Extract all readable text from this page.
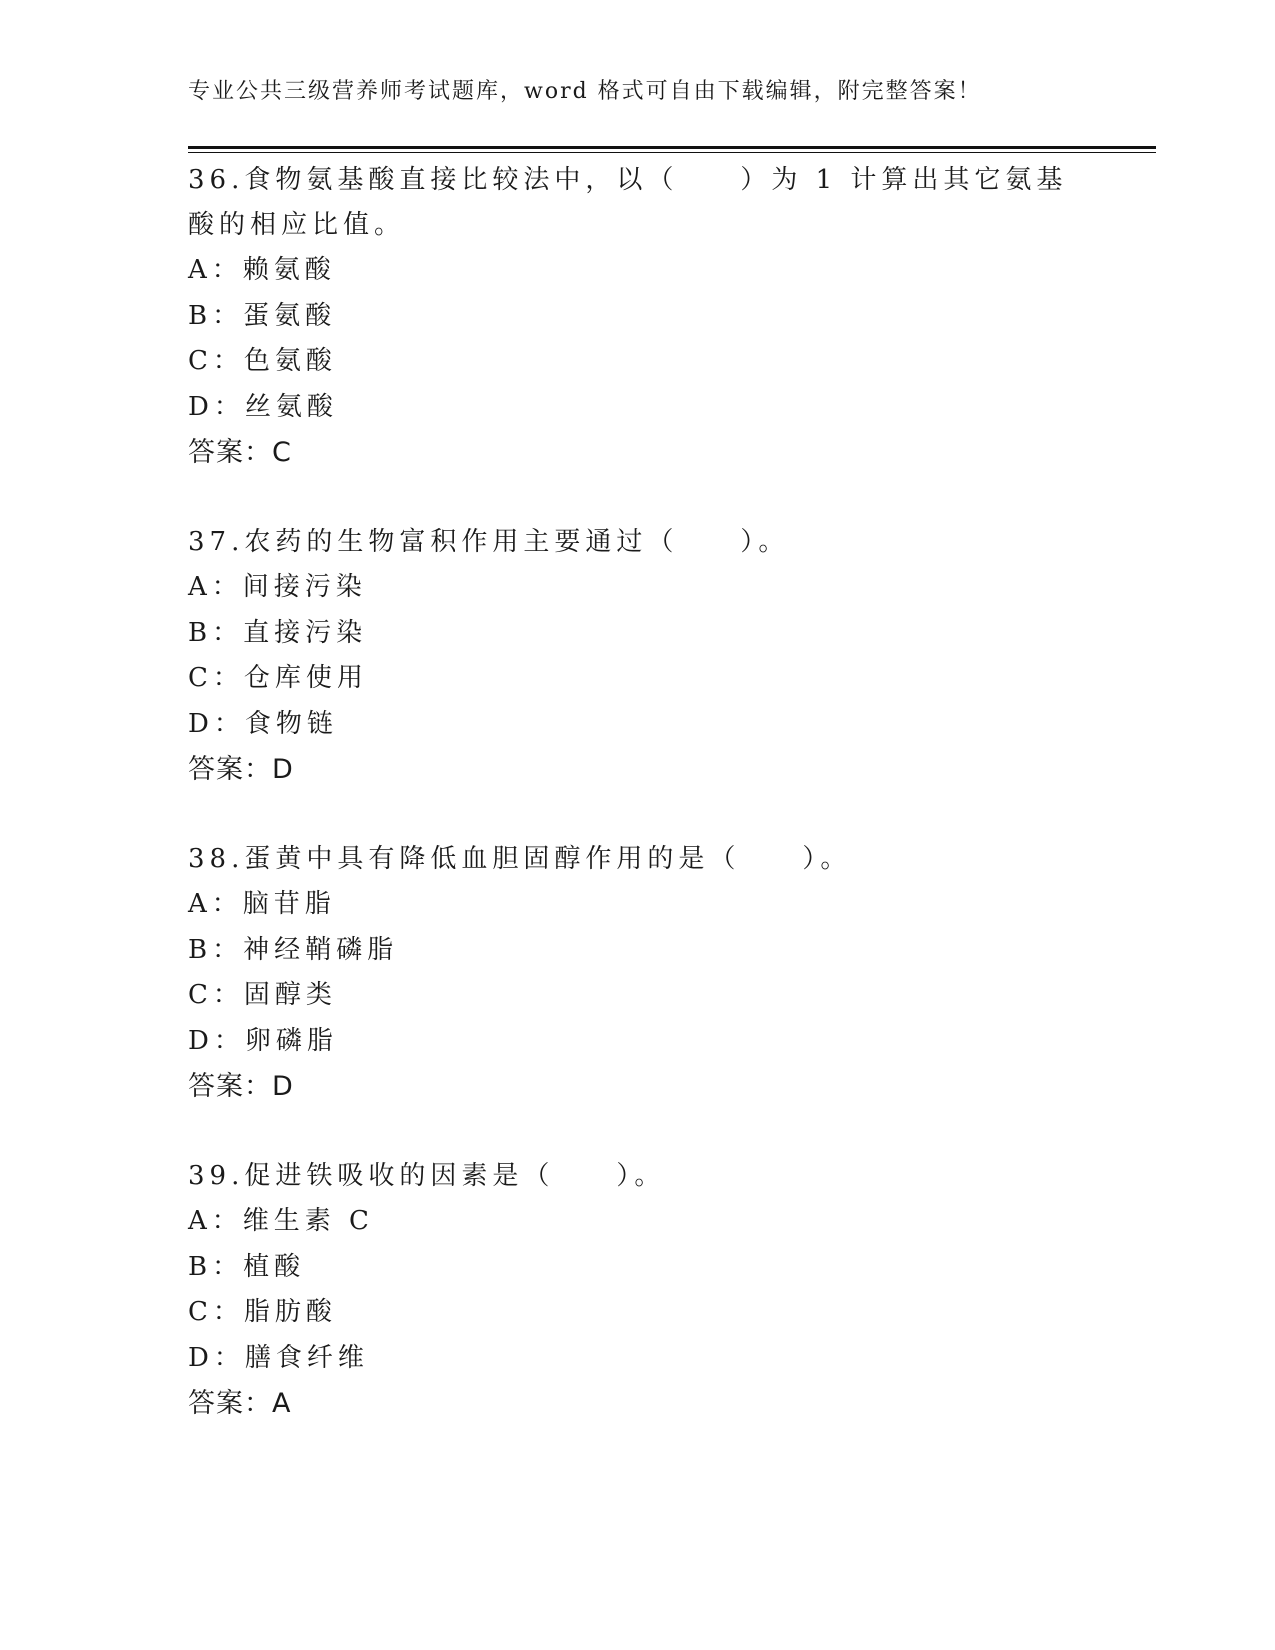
专业公共三级营养师考试题库，word 格式可自由下载编辑，附完整答案！
36.食物氨基酸直接比较法中，以（　　）为 1 计算出其它氨基酸的相应比值。
A：赖氨酸
B：蛋氨酸
C：色氨酸
D：丝氨酸
答案：C
37.农药的生物富积作用主要通过（　　）。
A：间接污染
B：直接污染
C：仓库使用
D：食物链
答案：D
38.蛋黄中具有降低血胆固醇作用的是（　　）。
A：脑苷脂
B：神经鞘磷脂
C：固醇类
D：卵磷脂
答案：D
39.促进铁吸收的因素是（　　）。
A：维生素 C
B：植酸
C：脂肪酸
D：膳食纤维
答案：A
